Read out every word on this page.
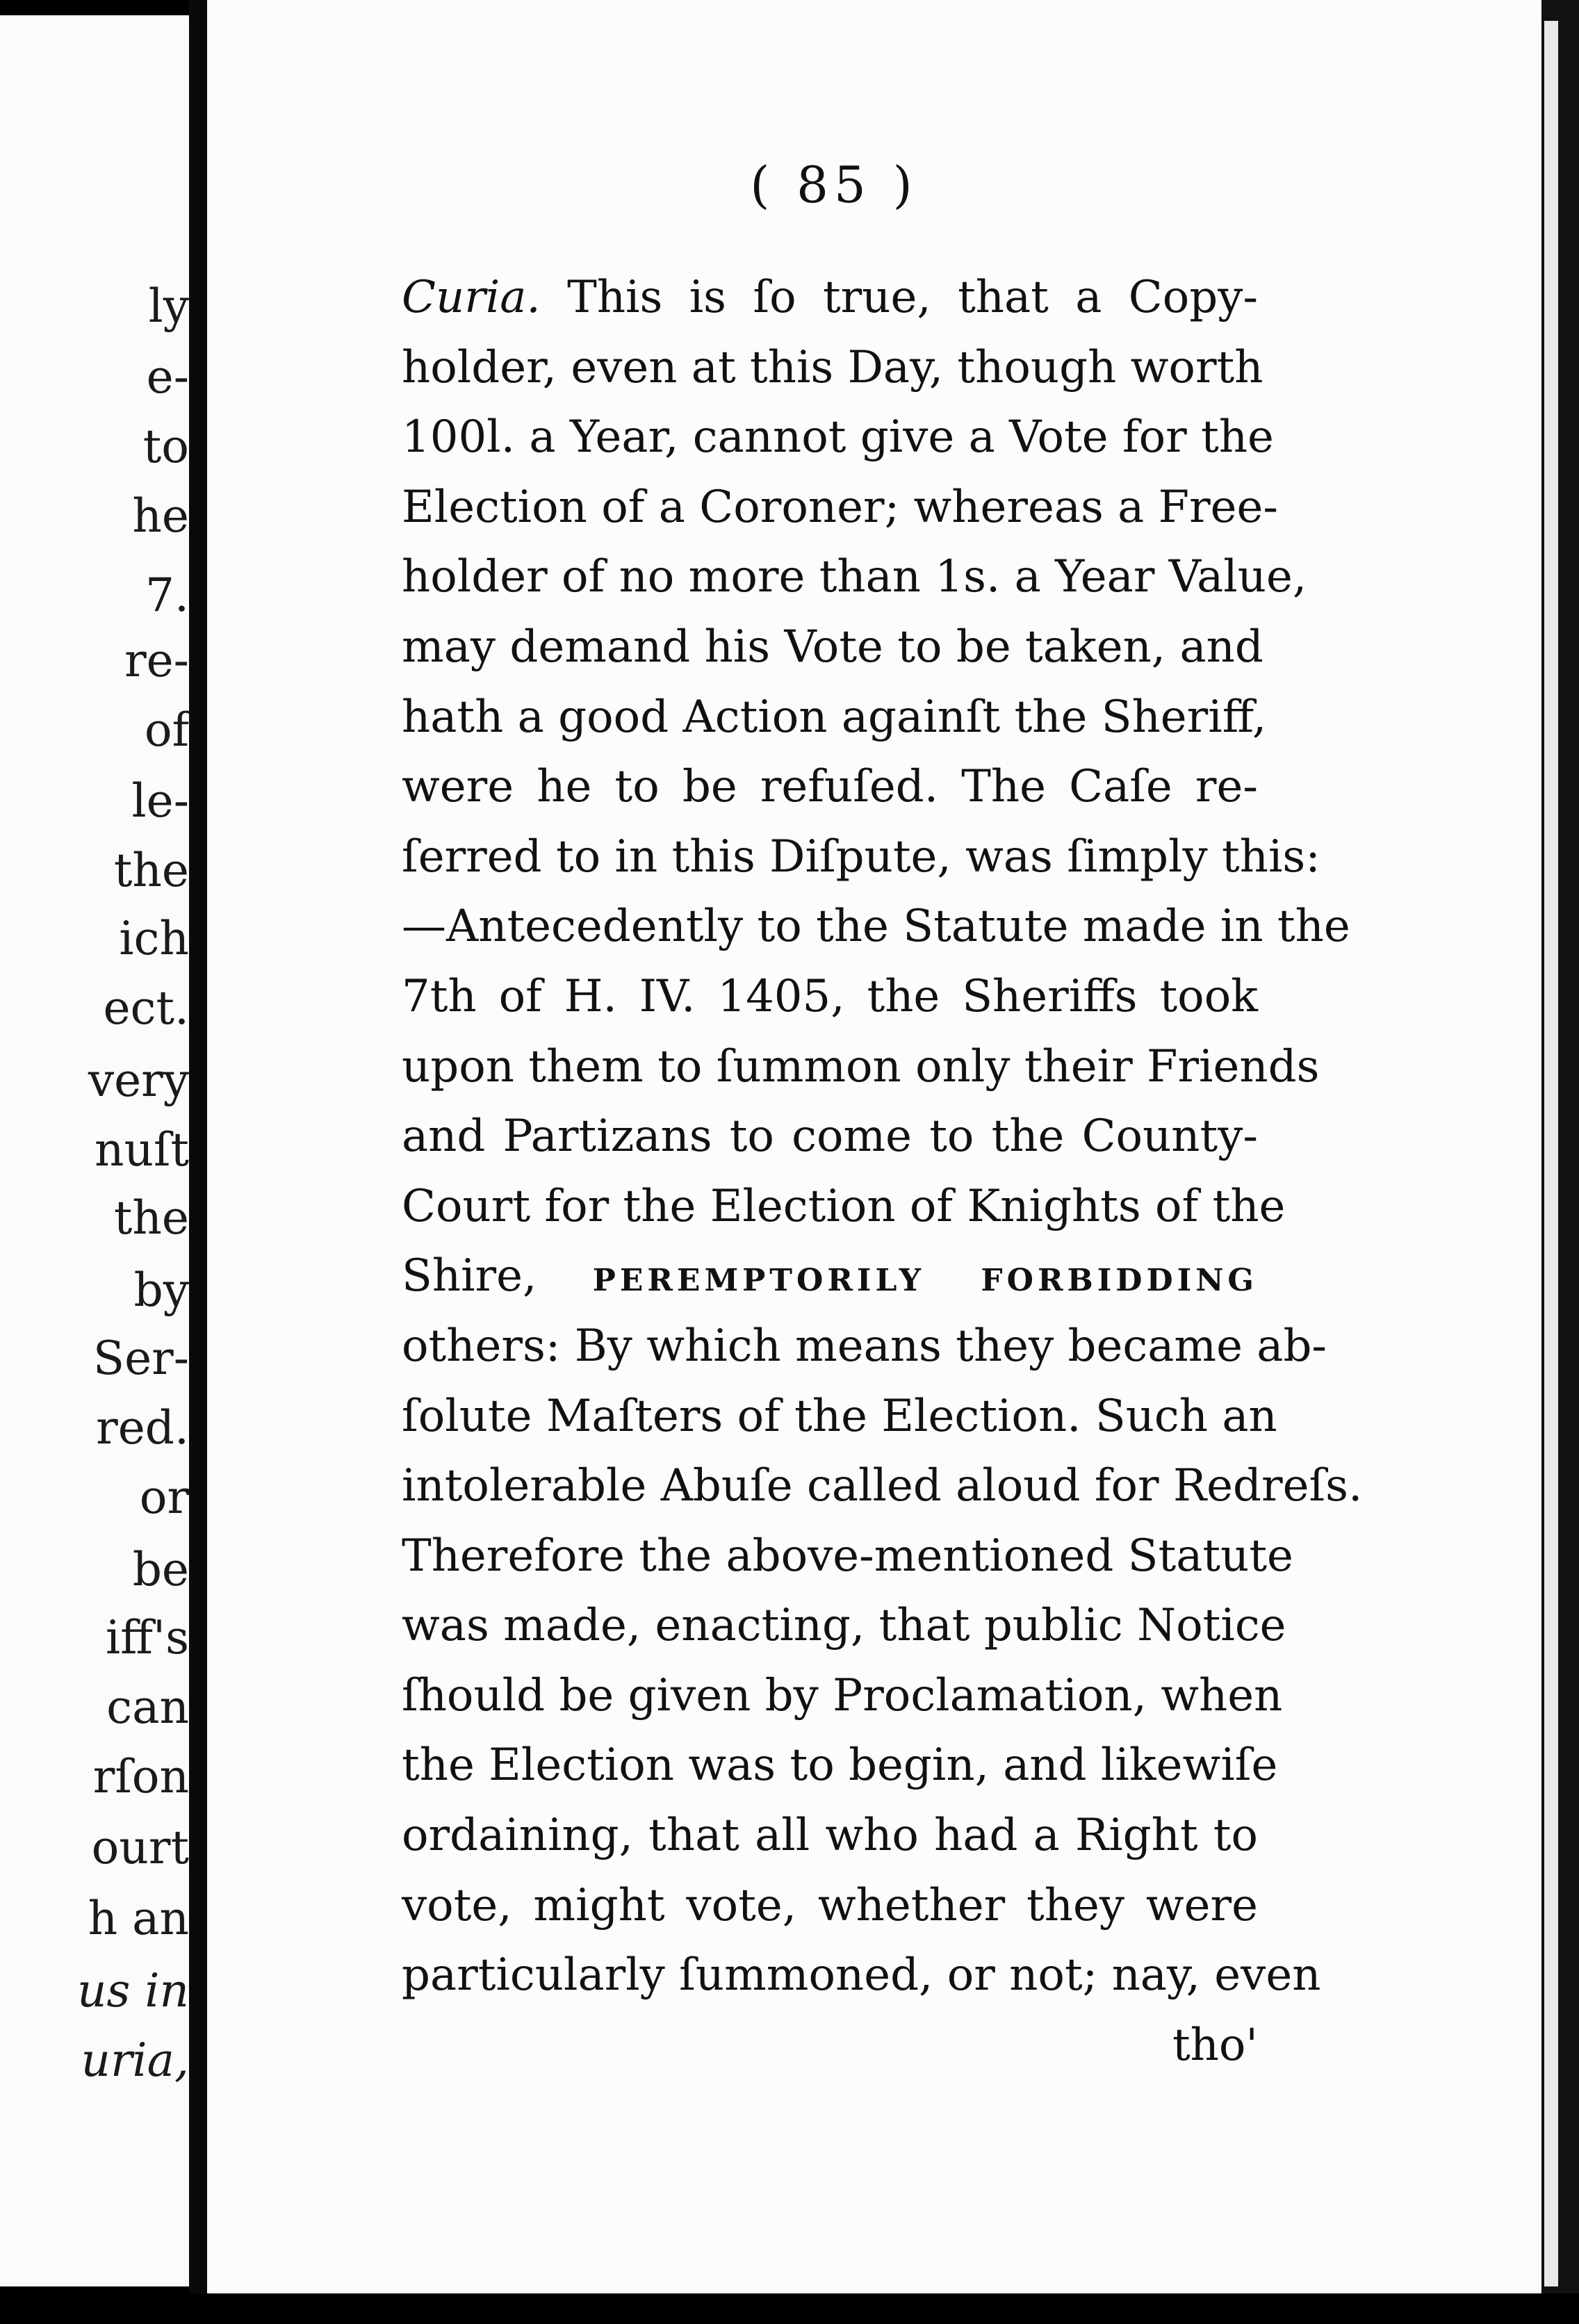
ly
e-
to
he
7.
re-
of
le-
the
ich
ect.
very
nuſt
the
by
Ser-
red.
or
be
iff's
can
rſon
ourt
h an
us in
uria,
( 85 )
Curia. This is ſo true, that a Copy-
holder, even at this Day, though worth
100l. a Year, cannot give a Vote for the
Election of a Coroner; whereas a Free-
holder of no more than 1s. a Year Value,
may demand his Vote to be taken, and
hath a good Action againſt the Sheriff,
were he to be refuſed. The Caſe re-
ſerred to in this Diſpute, was ſimply this:
—Antecedently to the Statute made in the
7th of H. IV. 1405, the Sheriffs took
upon them to ſummon only their Friends
and Partizans to come to the County-
Court for the Election of Knights of the
Shire, PEREMPTORILY FORBIDDING
others: By which means they became ab-
ſolute Maſters of the Election. Such an
intolerable Abuſe called aloud for Redreſs.
Therefore the above-mentioned Statute
was made, enacting, that public Notice
ſhould be given by Proclamation, when
the Election was to begin, and likewiſe
ordaining, that all who had a Right to
vote, might vote, whether they were
particularly ſummoned, or not; nay, even
tho'
